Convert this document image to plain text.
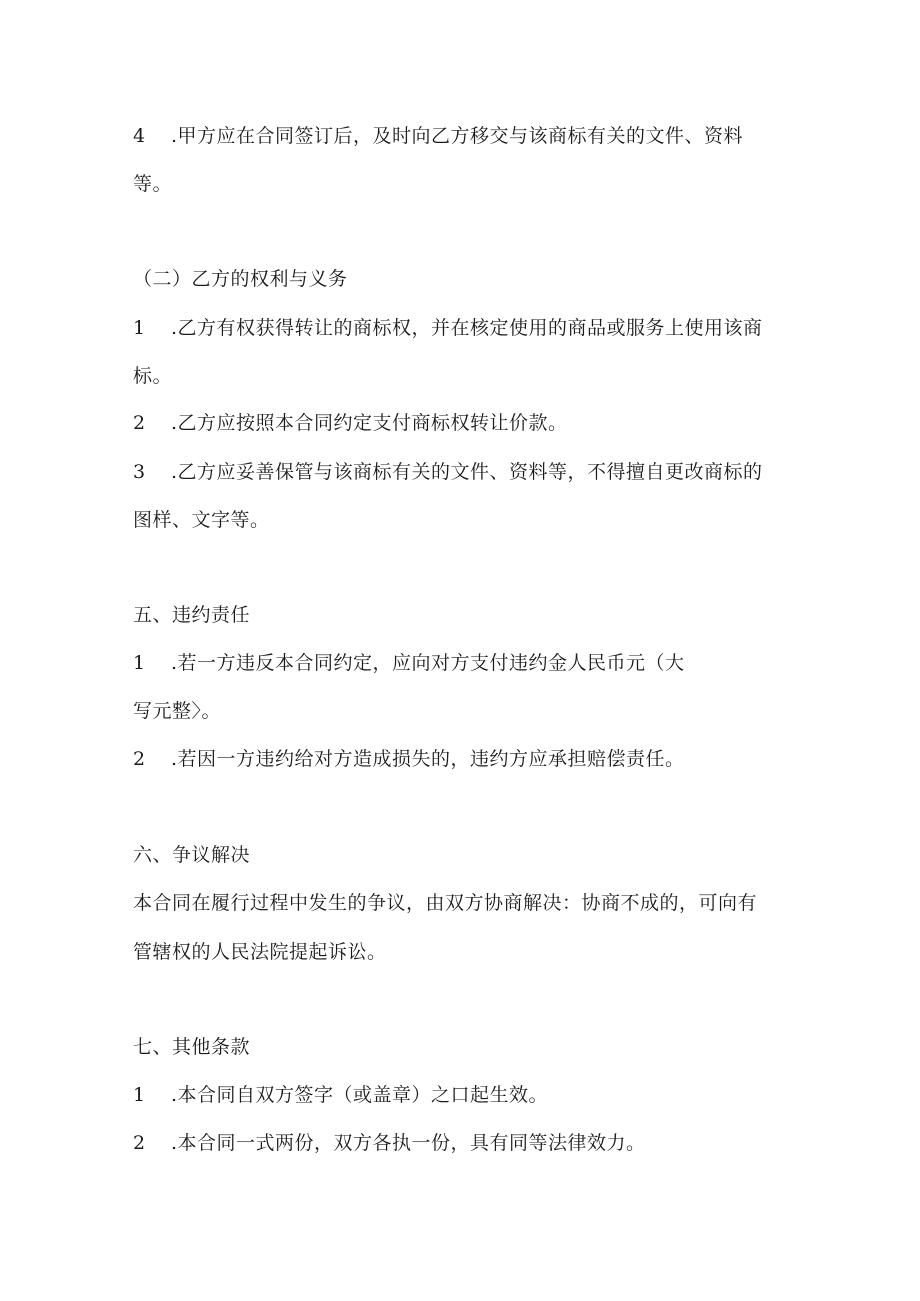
4 .甲方应在合同签订后，及时向乙方移交与该商标有关的文件、资料
等。
（二）乙方的权利与义务
1 .乙方有权获得转让的商标权，并在核定使用的商品或服务上使用该商
标。
2 .乙方应按照本合同约定支付商标权转让价款。
3 .乙方应妥善保管与该商标有关的文件、资料等，不得擅自更改商标的
图样、文字等。
五、违约责任
1 .若一方违反本合同约定，应向对方支付违约金人民币元（大
写元整〉。
2 .若因一方违约给对方造成损失的，违约方应承担赔偿责任。
六、争议解决
本合同在履行过程中发生的争议，由双方协商解决：协商不成的，可向有
管辖权的人民法院提起诉讼。
七、其他条款
1 .本合同自双方签字（或盖章）之口起生效。
2 .本合同一式两份，双方各执一份，具有同等法律效力。
